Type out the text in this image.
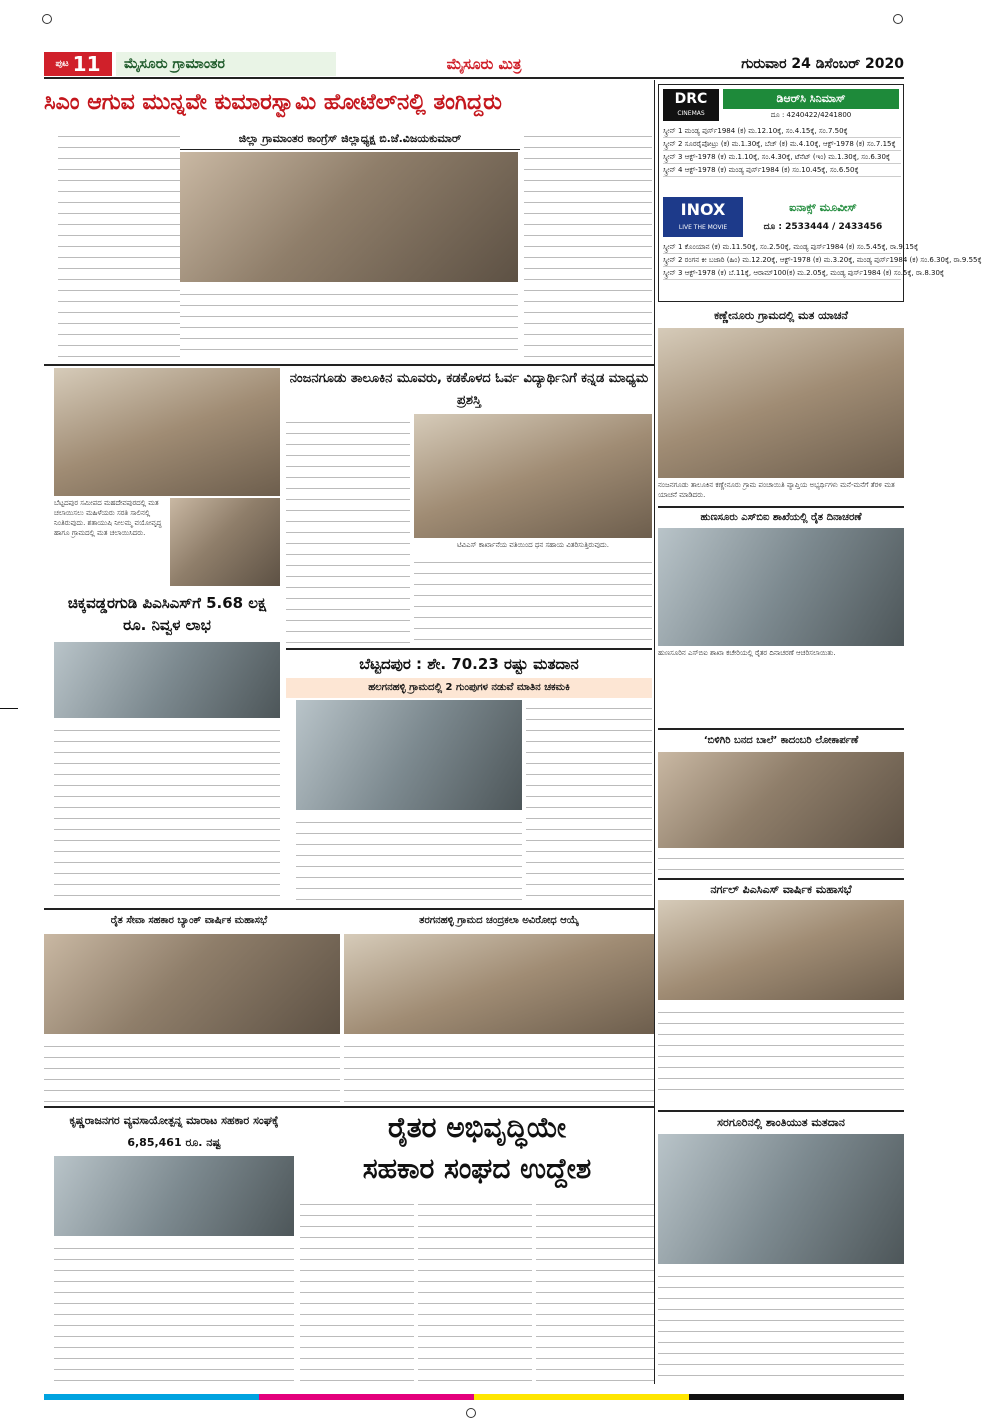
ಪುಟ 11	ಮೈಸೂರು ಗ್ರಾಮಾಂತರ	ಮೈಸೂರು ಮಿತ್ರ	ಗುರುವಾರ 24 ಡಿಸೆಂಬರ್ 2020
ಸಿಎಂ ಆಗುವ ಮುನ್ನವೇ ಕುಮಾರಸ್ವಾಮಿ ಹೋಟೆಲ್‌ನಲ್ಲಿ ತಂಗಿದ್ದರು
ಜಿಲ್ಲಾ ಗ್ರಾಮಾಂತರ ಕಾಂಗ್ರೆಸ್ ಜಿಲ್ಲಾಧ್ಯಕ್ಷ ಬಿ.ಜೆ.ವಿಜಯಕುಮಾರ್
DRC
CINEMAS
ಡಿಆರ್‌ಸಿ ಸಿನಿಮಾಸ್
ದೂ : 4240422/4241800
ಸ್ಕ್ರೀನ್ 1 ಮಂಡ್ಯ ಪುರ್ಸ್‌1984 (ಕ) ಮ.12.10ಕ್ಕೆ, ಸಂ.4.15ಕ್ಕೆ, ಸಂ.7.50ಕ್ಕೆ
ಸ್ಕ್ರೀನ್ 2 ಸೂರರೈಪೋಟ್ರು (ಕ) ಮ.1.30ಕ್ಕೆ, ಬೆಚ್ (ಕ) ಮ.4.10ಕ್ಕೆ, ಆಕ್ಟ್-1978 (ಕ) ಸಂ.7.15ಕ್ಕೆ
ಸ್ಕ್ರೀನ್ 3 ಆಕ್ಟ್-1978 (ಕ) ಮ.1.10ಕ್ಕೆ, ಸಂ.4.30ಕ್ಕೆ, ಟೆನೆಟ್ (ಇಂ) ಮ.1.30ಕ್ಕೆ, ಸಂ.6.30ಕ್ಕೆ
ಸ್ಕ್ರೀನ್ 4 ಆಕ್ಟ್-1978 (ಕ) ಮಂಡ್ಯ ಪುರ್ಸ್‌1984 (ಕ) ಸಂ.10.45ಕ್ಕೆ, ಸಂ.6.50ಕ್ಕೆ
INOX
LIVE THE MOVIE
ಐನಾಕ್ಸ್ ಮೂವೀಸ್
ದೂ : 2533444 / 2433456
ಸ್ಕ್ರೀನ್ 1 ಕೊಂಯಾನ (ಕ) ಮ.11.50ಕ್ಕೆ, ಸಂ.2.50ಕ್ಕೆ, ಮಂಡ್ಯ ಪುರ್ಸ್‌1984 (ಕ) ಸಂ.5.45ಕ್ಕೆ, ರಾ.9.15ಕ್ಕೆ
ಸ್ಕ್ರೀನ್ 2 ರಂಗನ ಕೀ ಬಜಾರಿ (ಹಿಂ) ಮ.12.20ಕ್ಕೆ, ಆಕ್ಟ್-1978 (ಕ) ಮ.3.20ಕ್ಕೆ, ಮಂಡ್ಯ ಪುರ್ಸ್‌1984 (ಕ) ಸಂ.6.30ಕ್ಕೆ, ರಾ.9.55ಕ್ಕೆ
ಸ್ಕ್ರೀನ್ 3 ಆಕ್ಟ್-1978 (ಕ) ಬೆ.11ಕ್ಕೆ, ಆರಾಮ್‌100(ಕ) ಮ.2.05ಕ್ಕೆ, ಮಂಡ್ಯ ಪುರ್ಸ್‌1984 (ಕ) ಸಂ.5ಕ್ಕೆ, ರಾ.8.30ಕ್ಕೆ
ಕಣ್ಣೇನೂರು ಗ್ರಾಮದಲ್ಲಿ ಮತ ಯಾಚನೆ
ನಂಜನಗೂಡು ತಾಲೂಕಿನ ಕಣ್ಣೇನೂರು ಗ್ರಾಮ ಪಂಚಾಯಿತಿ ವ್ಯಾಪ್ತಿಯ ಅಭ್ಯರ್ಥಿಗಳು ಮನೆ-ಮನೆಗೆ ತೆರಳಿ ಮತ ಯಾಚನೆ ಮಾಡಿದರು.
ಹುಣಸೂರು ಎಸ್‌ಬಿಐ ಶಾಖೆಯಲ್ಲಿ ರೈತ ದಿನಾಚರಣೆ
ಹುಣಸೂರಿನ ಎಸ್‌ಬಿಐ ಶಾಖಾ ಕಚೇರಿಯಲ್ಲಿ ರೈತರ ದಿನಾಚರಣೆ ಆಚರಿಸಲಾಯಿತು.
‘ಬಿಳಿಗಿರಿ ಬನದ ಬಾಲೆ’ ಕಾದಂಬರಿ ಲೋಕಾರ್ಪಣೆ
ನರ್ಗಲ್ ಪಿಎಸಿಎಸ್ ವಾರ್ಷಿಕ ಮಹಾಸಭೆ
ಸರಗೂರಿನಲ್ಲಿ ಶಾಂತಿಯುತ ಮತದಾನ
ಬೆಟ್ಟದಪುರ ಸಮೀಪದ ಮಹದೇವಪುರದಲ್ಲಿ ಮತ ಚಲಾಯಿಸಲು ಮಹಿಳೆಯರು ಸರತಿ ಸಾಲಿನಲ್ಲಿ ನಿಂತಿರುವುದು. ಶತಾಯುಷಿ ನೀಲಮ್ಮ ವಯೋವೃದ್ಧ ಹಾಗೂ ಗ್ರಾಮದಲ್ಲಿ ಮತ ಚಲಾಯಿಸಿದರು.
ಚಿಕ್ಕವಡ್ಡರಗುಡಿ ಪಿಎಸಿಎಸ್‌ಗೆ 5.68 ಲಕ್ಷ ರೂ. ನಿವ್ವಳ ಲಾಭ
ನಂಜನಗೂಡು ತಾಲೂಕಿನ ಮೂವರು, ಕಡಕೊಳದ ಓರ್ವ ವಿದ್ಯಾರ್ಥಿನಿಗೆ ಕನ್ನಡ ಮಾಧ್ಯಮ ಪ್ರಶಸ್ತಿ
ಟಿವಿಎಸ್ ಕಾರ್ಖಾನೆಯ ವತಿಯಿಂದ ಧನ ಸಹಾಯ ವಿತರಿಸುತ್ತಿರುವುದು.
ಬೆಟ್ಟದಪುರ : ಶೇ. 70.23 ರಷ್ಟು ಮತದಾನ
ಹಲಗನಹಳ್ಳಿ ಗ್ರಾಮದಲ್ಲಿ 2 ಗುಂಪುಗಳ ನಡುವೆ ಮಾತಿನ ಚಕಮಕಿ
ರೈತ ಸೇವಾ ಸಹಕಾರ ಬ್ಯಾಂಕ್ ವಾರ್ಷಿಕ ಮಹಾಸಭೆ	ತರಗನಹಳ್ಳಿ ಗ್ರಾಮದ ಚಂದ್ರಕಲಾ ಅವಿರೋಧ ಆಯ್ಕೆ
ಕೃಷ್ಣರಾಜನಗರ ವ್ಯವಸಾಯೋತ್ಪನ್ನ ಮಾರಾಟ ಸಹಕಾರ ಸಂಘಕ್ಕೆ 6,85,461 ರೂ. ನಷ್ಟ	ರೈತರ ಅಭಿವೃದ್ಧಿಯೇ
ಸಹಕಾರ ಸಂಘದ ಉದ್ದೇಶ
